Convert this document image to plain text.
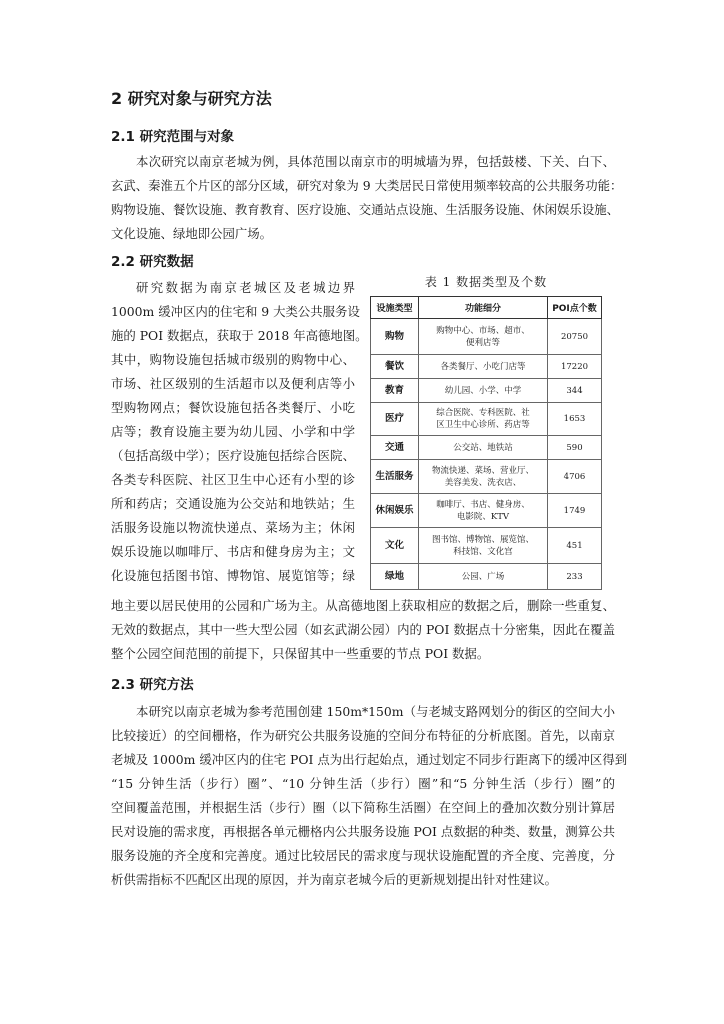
2 研究对象与研究方法
2.1 研究范围与对象
本次研究以南京老城为例，具体范围以南京市的明城墙为界，包括鼓楼、下关、白下、
玄武、秦淮五个片区的部分区域，研究对象为 9 大类居民日常使用频率较高的公共服务功能：
购物设施、餐饮设施、教育教育、医疗设施、交通站点设施、生活服务设施、休闲娱乐设施、
文化设施、绿地即公园广场。
2.2 研究数据
研究数据为南京老城区及老城边界
1000m 缓冲区内的住宅和 9 大类公共服务设
施的 POI 数据点，获取于 2018 年高德地图。
其中，购物设施包括城市级别的购物中心、
市场、社区级别的生活超市以及便利店等小
型购物网点；餐饮设施包括各类餐厅、小吃
店等；教育设施主要为幼儿园、小学和中学
（包括高级中学）；医疗设施包括综合医院、
各类专科医院、社区卫生中心还有小型的诊
所和药店；交通设施为公交站和地铁站；生
活服务设施以物流快递点、菜场为主；休闲
娱乐设施以咖啡厅、书店和健身房为主；文
化设施包括图书馆、博物馆、展览馆等；绿
表 1 数据类型及个数
设施类型	功能细分	POI点个数
购物	购物中心、市场、超市、
便利店等	20750
餐饮	各类餐厅、小吃门店等	17220
教育	幼儿园、小学、中学	344
医疗	综合医院、专科医院、社
区卫生中心诊所、药店等	1653
交通	公交站、地铁站	590
生活服务	物流快递、菜场、营业厅、
美容美发、洗衣店、	4706
休闲娱乐	咖啡厅、书店、健身房、
电影院、KTV	1749
文化	图书馆、博物馆、展览馆、
科技馆、文化宫	451
绿地	公园、广场	233
地主要以居民使用的公园和广场为主。从高德地图上获取相应的数据之后，删除一些重复、
无效的数据点，其中一些大型公园（如玄武湖公园）内的 POI 数据点十分密集，因此在覆盖
整个公园空间范围的前提下，只保留其中一些重要的节点 POI 数据。
2.3 研究方法
本研究以南京老城为参考范围创建 150m*150m（与老城支路网划分的街区的空间大小
比较接近）的空间栅格，作为研究公共服务设施的空间分布特征的分析底图。首先，以南京
老城及 1000m 缓冲区内的住宅 POI 点为出行起始点，通过划定不同步行距离下的缓冲区得到
“15 分钟生活（步行）圈”、“10 分钟生活（步行）圈”和“5 分钟生活（步行）圈”的
空间覆盖范围，并根据生活（步行）圈（以下简称生活圈）在空间上的叠加次数分别计算居
民对设施的需求度，再根据各单元栅格内公共服务设施 POI 点数据的种类、数量，测算公共
服务设施的齐全度和完善度。通过比较居民的需求度与现状设施配置的齐全度、完善度，分
析供需指标不匹配区出现的原因，并为南京老城今后的更新规划提出针对性建议。
